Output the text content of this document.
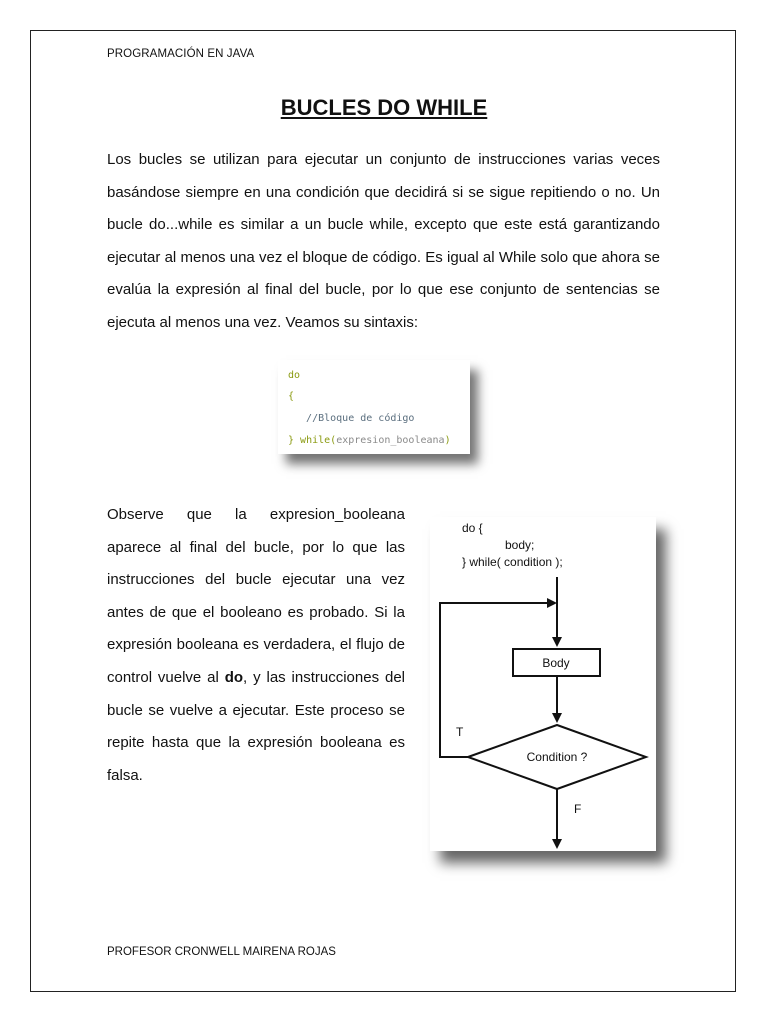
PROGRAMACIÓN EN JAVA
BUCLES DO WHILE
Los bucles se utilizan para ejecutar un conjunto de instrucciones varias veces basándose siempre en una condición que decidirá si se sigue repitiendo o no. Un bucle do...while es similar a un bucle while, excepto que este está garantizando ejecutar al menos una vez el bloque de código. Es igual al While solo que ahora se evalúa la expresión al final del bucle, por lo que ese conjunto de sentencias se ejecuta al menos una vez. Veamos su sintaxis:
do
{
//Bloque de código
} while(expresion_booleana)
Observe que la expresion_booleana aparece al final del bucle, por lo que las instrucciones del bucle ejecutar una vez antes de que el booleano es probado. Si la expresión booleana es verdadera, el flujo de control vuelve al do, y las instrucciones del bucle se vuelve a ejecutar. Este proceso se repite hasta que la expresión booleana es falsa.
do {
body;
} while( condition );
Body
Condition ?
T
F
PROFESOR CRONWELL MAIRENA ROJAS
